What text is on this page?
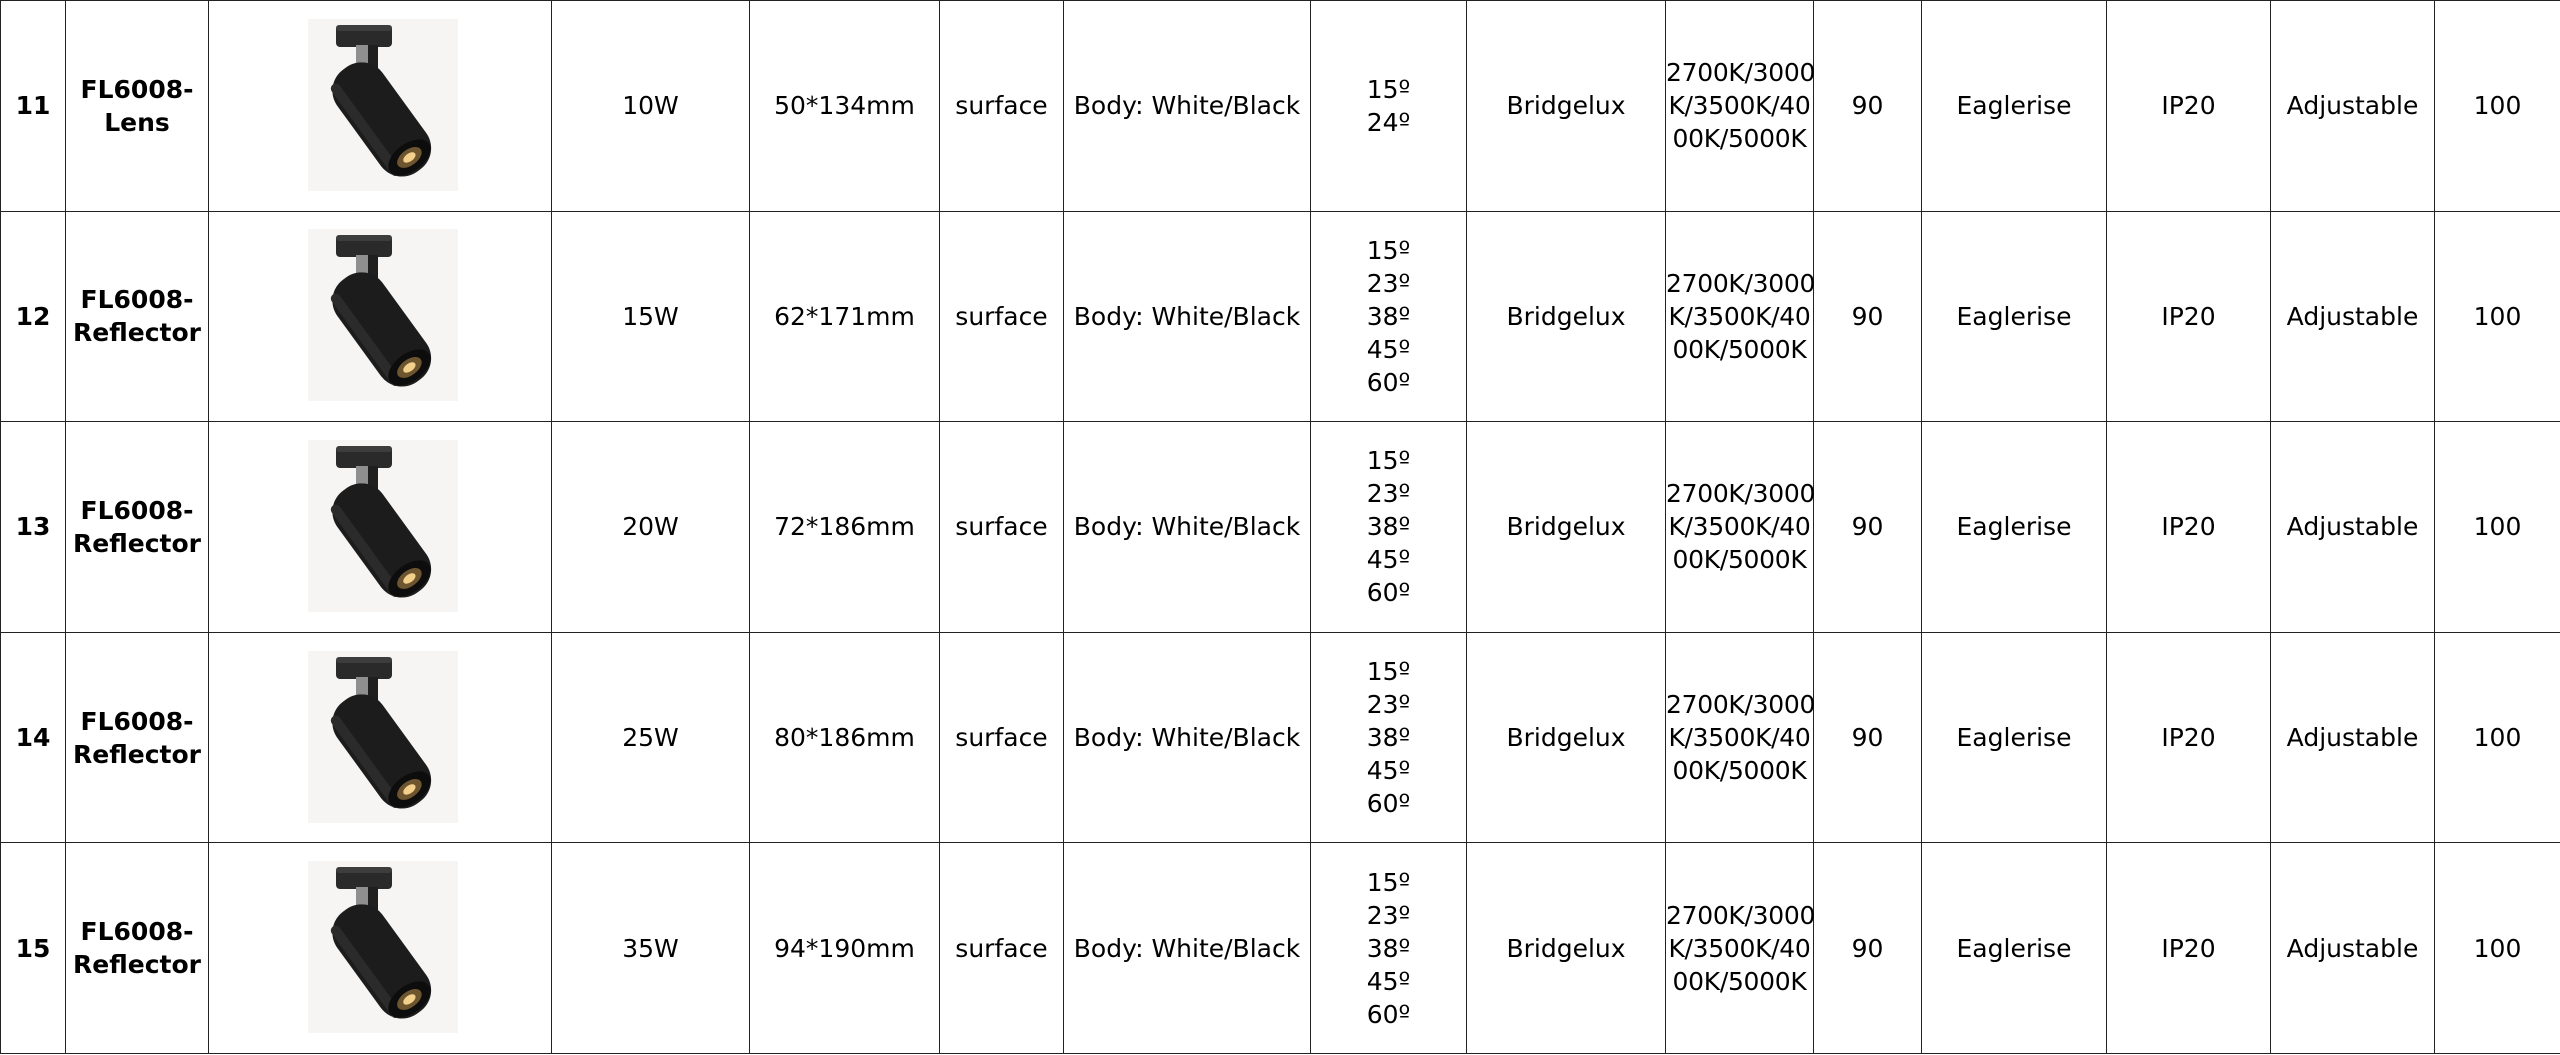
11	FL6008-
Lens		10W	50*134mm	surface	Body: White/Black	15º
24º	Bridgelux	2700K/3000
K/3500K/40
00K/5000K	90	Eaglerise	IP20	Adjustable	100
12	FL6008-
Reflector		15W	62*171mm	surface	Body: White/Black	15º
23º
38º
45º
60º	Bridgelux	2700K/3000
K/3500K/40
00K/5000K	90	Eaglerise	IP20	Adjustable	100
13	FL6008-
Reflector		20W	72*186mm	surface	Body: White/Black	15º
23º
38º
45º
60º	Bridgelux	2700K/3000
K/3500K/40
00K/5000K	90	Eaglerise	IP20	Adjustable	100
14	FL6008-
Reflector		25W	80*186mm	surface	Body: White/Black	15º
23º
38º
45º
60º	Bridgelux	2700K/3000
K/3500K/40
00K/5000K	90	Eaglerise	IP20	Adjustable	100
15	FL6008-
Reflector		35W	94*190mm	surface	Body: White/Black	15º
23º
38º
45º
60º	Bridgelux	2700K/3000
K/3500K/40
00K/5000K	90	Eaglerise	IP20	Adjustable	100
